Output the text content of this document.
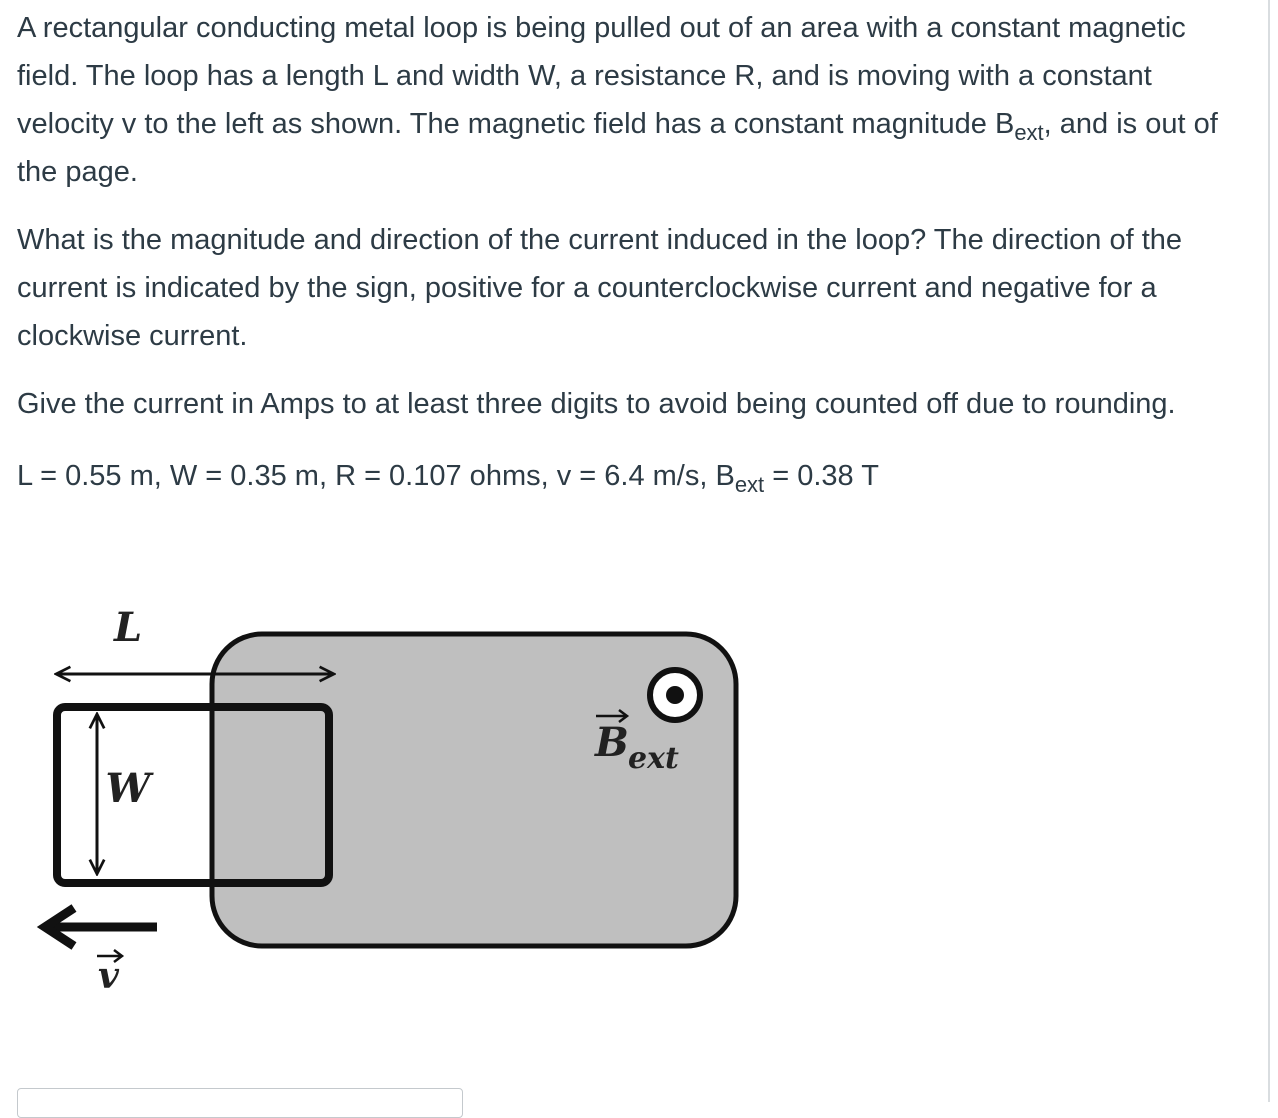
A rectangular conducting metal loop is being pulled out of an area with a constant magnetic field. The loop has a length L and width W, a resistance R, and is moving with a constant velocity v to the left as shown. The magnetic field has a constant magnitude $B_{ext}$, and is out of the page.

What is the magnitude and direction of the current induced in the loop? The direction of the current is indicated by the sign, positive for a counterclockwise current and negative for a clockwise current.

Give the current in Amps to at least three digits to avoid being counted off due to rounding.

L = 0.55 m, W = 0.35 m, R = 0.107 ohms, v = 6.4 m/s, $B_{ext} = 0.38$ T

L
W
B ext
v
